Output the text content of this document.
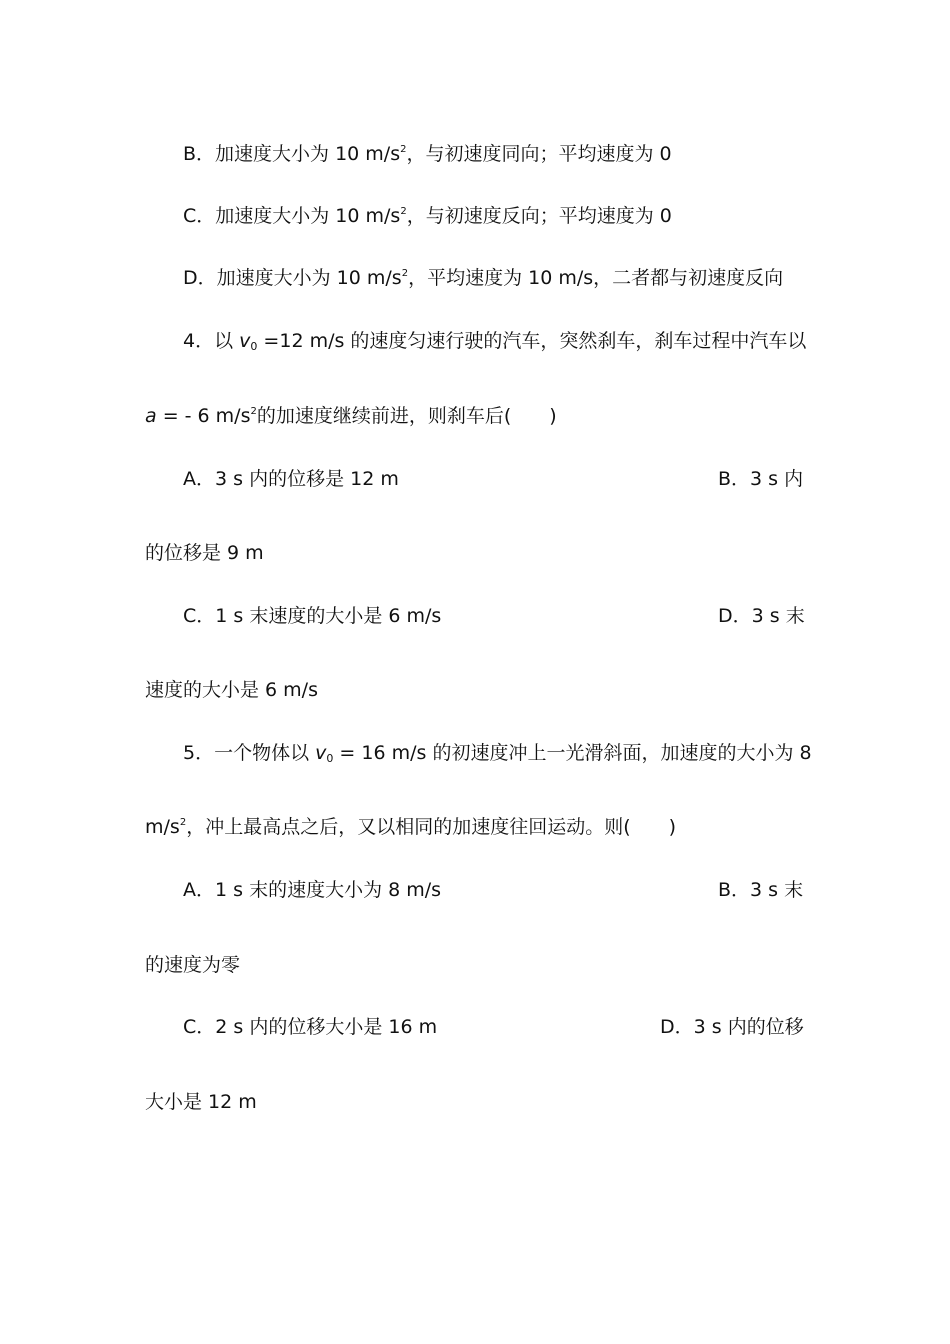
B．加速度大小为 10 $m/s^2$，与初速度同向；平均速度为 0
C．加速度大小为 10 $m/s^2$，与初速度反向；平均速度为 0
D．加速度大小为 10 $m/s^2$，平均速度为 10 m/s，二者都与初速度反向
4．以 $v_0 =12$ m/s 的速度匀速行驶的汽车，突然刹车，刹车过程中汽车以
a = - 6 $m/s^2$的加速度继续前进，则刹车后(　　)
A．3 s 内的位移是 12 m	B．3 s 内
的位移是 9 m
C．1 s 末速度的大小是 6 m/s	D．3 s 末
速度的大小是 6 m/s
5．一个物体以 $v_0 = 16$ m/s 的初速度冲上一光滑斜面，加速度的大小为 8
$m/s^2$，冲上最高点之后，又以相同的加速度往回运动。则(　　)
A．1 s 末的速度大小为 8 m/s	B．3 s 末
的速度为零
C．2 s 内的位移大小是 16 m	D．3 s 内的位移
大小是 12 m
